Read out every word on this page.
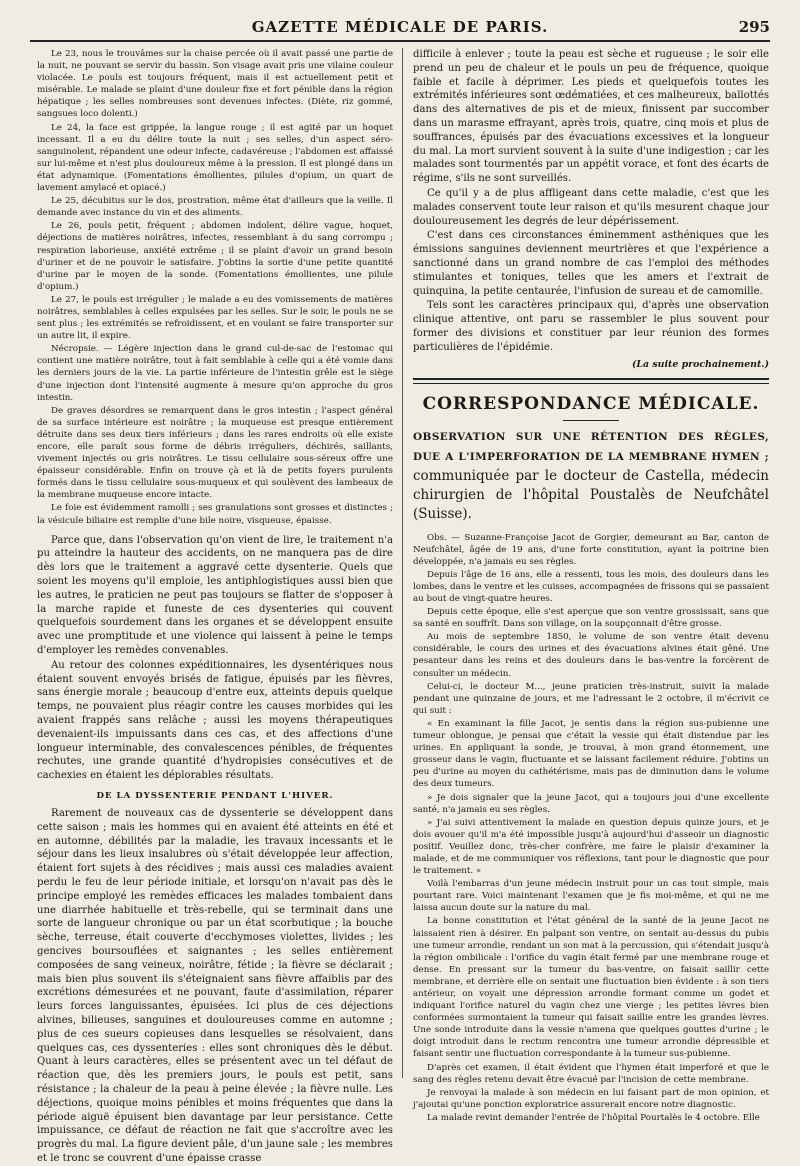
GAZETTE MÉDICALE DE PARIS.	295

Le 23, nous le trouvâmes sur la chaise percée où il avait passé une partie de la nuit, ne pouvant se servir du bassin. Son visage avait pris une vilaine couleur violacée. Le pouls est toujours fréquent, mais il est actuellement petit et misérable. Le malade se plaint d'une douleur fixe et fort pénible dans la région hépatique ; les selles nombreuses sont devenues infectes. (Diète, riz gommé, sangsues loco dolenti.)

Le 24, la face est grippée, la langue rouge ; il est agité par un hoquet incessant. Il a eu du délire toute la nuit ; ses selles, d'un aspect séro-sanguinolent, répandent une odeur infecte, cadavéreuse ; l'abdomen est affaissé sur lui-même et n'est plus douloureux même à la pression. Il est plongé dans un état adynamique. (Fomentations émollientes, pilules d'opium, un quart de lavement amylacé et opiacé.)

Le 25, décubitus sur le dos, prostration, même état d'ailleurs que la veille. Il demande avec instance du vin et des aliments.

Le 26, pouls petit, fréquent ; abdomen indolent, délire vague, hoquet, déjections de matières noirâtres, infectes, ressemblant à du sang corrompu ; respiration laborieuse, anxiété extrême ; il se plaint d'avoir un grand besoin d'uriner et de ne pouvoir le satisfaire. J'obtins la sortie d'une petite quantité d'urine par le moyen de la sonde. (Fomentations émollientes, une pilule d'opium.)

Le 27, le pouls est irrégulier ; le malade a eu des vomissements de matières noirâtres, semblables à celles expulsées par les selles. Sur le soir, le pouls ne se sent plus ; les extrémités se refroidissent, et en voulant se faire transporter sur un autre lit, il expire.

Nécropsie. — Légère injection dans le grand cul-de-sac de l'estomac qui contient une matière noirâtre, tout à fait semblable à celle qui a été vomie dans les derniers jours de la vie. La partie inférieure de l'intestin grêle est le siège d'une injection dont l'intensité augmente à mesure qu'on approche du gros intestin.

De graves désordres se remarquent dans le gros intestin ; l'aspect général de sa surface intérieure est noirâtre ; la muqueuse est presque entièrement détruite dans ses deux tiers inférieurs ; dans les rares endroits où elle existe encore, elle paraît sous forme de débris irréguliers, déchirés, saillants, vivement injectés ou gris noirâtres. Le tissu cellulaire sous-séreux offre une épaisseur considérable. Enfin on trouve çà et là de petits foyers purulents formés dans le tissu cellulaire sous-muqueux et qui soulèvent des lambeaux de la membrane muqueuse encore intacte.

Le foie est évidemment ramolli ; ses granulations sont grosses et distinctes ; la vésicule biliaire est remplie d'une bile noire, visqueuse, épaisse.

Parce que, dans l'observation qu'on vient de lire, le traitement n'a pu atteindre la hauteur des accidents, on ne manquera pas de dire dès lors que le traitement a aggravé cette dysenterie. Quels que soient les moyens qu'il emploie, les antiphlogistiques aussi bien que les autres, le praticien ne peut pas toujours se flatter de s'opposer à la marche rapide et funeste de ces dysenteries qui couvent quelquefois sourdement dans les organes et se développent ensuite avec une promptitude et une violence qui laissent à peine le temps d'employer les remèdes convenables.

Au retour des colonnes expéditionnaires, les dysentériques nous étaient souvent envoyés brisés de fatigue, épuisés par les fièvres, sans énergie morale ; beaucoup d'entre eux, atteints depuis quelque temps, ne pouvaient plus réagir contre les causes morbides qui les avaient frappés sans relâche ; aussi les moyens thérapeutiques devenaient-ils impuissants dans ces cas, et des affections d'une longueur interminable, des convalescences pénibles, de fréquentes rechutes, une grande quantité d'hydropisies consécutives et de cachexies en étaient les déplorables résultats.

DE LA DYSSENTERIE PENDANT L'HIVER.

Rarement de nouveaux cas de dyssenterie se développent dans cette saison ; mais les hommes qui en avaient été atteints en été et en automne, débilités par la maladie, les travaux incessants et le séjour dans les lieux insalubres où s'était développée leur affection, étaient fort sujets à des récidives ; mais aussi ces maladies avaient perdu le feu de leur période initiale, et lorsqu'on n'avait pas dès le principe employé les remèdes efficaces les malades tombaient dans une diarrhée habituelle et très-rebelle, qui se terminait dans une sorte de langueur chronique ou par un état scorbutique ; la bouche sèche, terreuse, était couverte d'ecchymoses violettes, livides ; les gencives boursouflées et saignantes ; les selles entièrement composées de sang veineux, noirâtre, fétide ; la fièvre se déclarait ; mais bien plus souvent ils s'éteignaient sans fièvre affaiblis par des excrétions démesurées et ne pouvant, faute d'assimilation, réparer leurs forces languissantes, épuisées. Ici plus de ces déjections alvines, bilieuses, sanguines et douloureuses comme en automne ; plus de ces sueurs copieuses dans lesquelles se résolvaient, dans quelques cas, ces dyssenteries : elles sont chroniques dès le début. Quant à leurs caractères, elles se présentent avec un tel défaut de réaction que, dès les premiers jours, le pouls est petit, sans résistance ; la chaleur de la peau à peine élevée ; la fièvre nulle. Les déjections, quoique moins pénibles et moins fréquentes que dans la période aiguë épuisent bien davantage par leur persistance. Cette impuissance, ce défaut de réaction ne fait que s'accroître avec les progrès du mal. La figure devient pâle, d'un jaune sale ; les membres et le tronc se couvrent d'une épaisse crasse

difficile à enlever ; toute la peau est sèche et rugueuse ; le soir elle prend un peu de chaleur et le pouls un peu de fréquence, quoique faible et facile à déprimer. Les pieds et quelquefois toutes les extrémités inférieures sont œdématiées, et ces malheureux, ballottés dans des alternatives de pis et de mieux, finissent par succomber dans un marasme effrayant, après trois, quatre, cinq mois et plus de souffrances, épuisés par des évacuations excessives et la longueur du mal. La mort survient souvent à la suite d'une indigestion ; car les malades sont tourmentés par un appétit vorace, et font des écarts de régime, s'ils ne sont surveillés.

Ce qu'il y a de plus affligeant dans cette maladie, c'est que les malades conservent toute leur raison et qu'ils mesurent chaque jour douloureusement les degrés de leur dépérissement.

C'est dans ces circonstances éminemment asthéniques que les émissions sanguines deviennent meurtrières et que l'expérience a sanctionné dans un grand nombre de cas l'emploi des méthodes stimulantes et toniques, telles que les amers et l'extrait de quinquina, la petite centaurée, l'infusion de sureau et de camomille.

Tels sont les caractères principaux qui, d'après une observation clinique attentive, ont paru se rassembler le plus souvent pour former des divisions et constituer par leur réunion des formes particulières de l'épidémie.

(La suite prochainement.)
CORRESPONDANCE MÉDICALE.
OBSERVATION SUR UNE RÉTENTION DES RÈGLES, DUE A L'IMPERFORATION DE LA MEMBRANE HYMEN ; communiquée par le docteur de Castella, médecin chirurgien de l'hôpital Poustalès de Neufchâtel (Suisse).

Obs. — Suzanne-Françoise Jacot de Gorgier, demeurant au Bar, canton de Neufchâtel, âgée de 19 ans, d'une forte constitution, ayant la poitrine bien développée, n'a jamais eu ses règles.

Depuis l'âge de 16 ans, elle a ressenti, tous les mois, des douleurs dans les lombes, dans le ventre et les cuisses, accompagnées de frissons qui se passaient au bout de vingt-quatre heures.

Depuis cette époque, elle s'est aperçue que son ventre grossissait, sans que sa santé en souffrît. Dans son village, on la soupçonnait d'être grosse.

Au mois de septembre 1850, le volume de son ventre était devenu considérable, le cours des urines et des évacuations alvines était gêné. Une pesanteur dans les reins et des douleurs dans le bas-ventre la forcèrent de consulter un médecin.

Celui-ci, le docteur M..., jeune praticien très-instruit, suivit la malade pendant une quinzaine de jours, et me l'adressant le 2 octobre, il m'écrivit ce qui suit :

« En examinant la fille Jacot, je sentis dans la région sus-pubienne une tumeur oblongue, je pensai que c'était la vessie qui était distendue par les urines. En appliquant la sonde, je trouvai, à mon grand étonnement, une grosseur dans le vagin, fluctuante et se laissant facilement réduire. J'obtins un peu d'urine au moyen du cathétérisme, mais pas de diminution dans le volume des deux tumeurs.

» Je dois signaler que la jeune Jacot, qui a toujours joui d'une excellente santé, n'a jamais eu ses règles.

» J'ai suivi attentivement la malade en question depuis quinze jours, et je dois avouer qu'il m'a été impossible jusqu'à aujourd'hui d'asseoir un diagnostic positif. Veuillez donc, très-cher confrère, me faire le plaisir d'examiner la malade, et de me communiquer vos réflexions, tant pour le diagnostic que pour le traitement. »

Voilà l'embarras d'un jeune médecin instruit pour un cas tout simple, mais pourtant rare. Voici maintenant l'examen que je fis moi-même, et qui ne me laissa aucun doute sur la nature du mal.

La bonne constitution et l'état général de la santé de la jeune Jacot ne laissaient rien à désirer. En palpant son ventre, on sentait au-dessus du pubis une tumeur arrondie, rendant un son mat à la percussion, qui s'étendait jusqu'à la région ombilicale : l'orifice du vagin était fermé par une membrane rouge et dense. En pressant sur la tumeur du bas-ventre, on faisait saillir cette membrane, et derrière elle on sentait une fluctuation bien évidente : à son tiers antérieur, on voyait une dépression arrondie formant comme un godet et indiquant l'orifice naturel du vagin chez une vierge ; les petites lèvres bien conformées surmontaient la tumeur qui faisait saillie entre les grandes lèvres. Une sonde introduite dans la vessie n'amena que quelques gouttes d'urine ; le doigt introduit dans le rectum rencontra une tumeur arrondie dépressible et faisant sentir une fluctuation correspondante à la tumeur sus-pubienne.

D'après cet examen, il était évident que l'hymen était imperforé et que le sang des règles retenu devait être évacué par l'incision de cette membrane.

Je renvoyai la malade à son médecin en lui faisant part de mon opinion, et j'ajoutai qu'une ponction exploratrice assurerait encore notre diagnostic.

La malade revint demander l'entrée de l'hôpital Pourtalès le 4 octobre. Elle
